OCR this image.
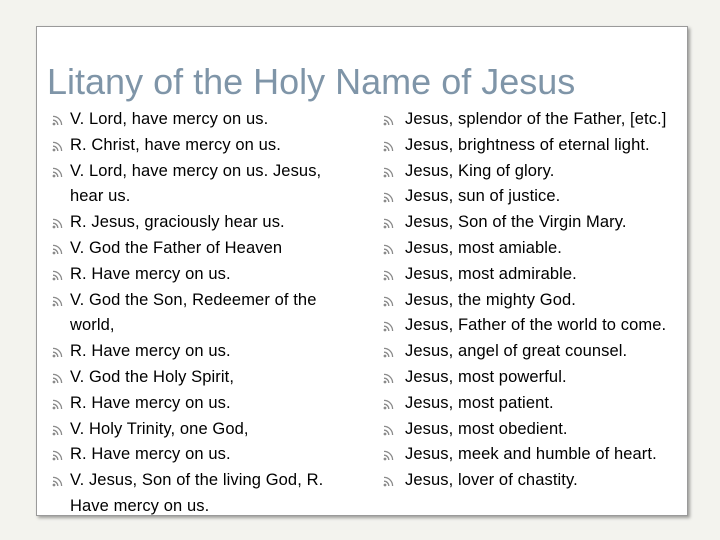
Litany of the Holy Name of Jesus
V. Lord, have mercy on us.
R. Christ, have mercy on us.
V. Lord, have mercy on us. Jesus, hear us.
R. Jesus, graciously hear us.
V. God the Father of Heaven
R. Have mercy on us.
V. God the Son, Redeemer of the world,
R. Have mercy on us.
V. God the Holy Spirit,
R. Have mercy on us.
V. Holy Trinity, one God,
R. Have mercy on us.
V. Jesus, Son of the living God, R. Have mercy on us.
Jesus, splendor of the Father, [etc.]
Jesus, brightness of eternal light.
Jesus, King of glory.
Jesus, sun of justice.
Jesus, Son of the Virgin Mary.
Jesus, most amiable.
Jesus, most admirable.
Jesus, the mighty God.
Jesus, Father of the world to come.
Jesus, angel of great counsel.
Jesus, most powerful.
Jesus, most patient.
Jesus, most obedient.
Jesus, meek and humble of heart.
Jesus, lover of chastity.
